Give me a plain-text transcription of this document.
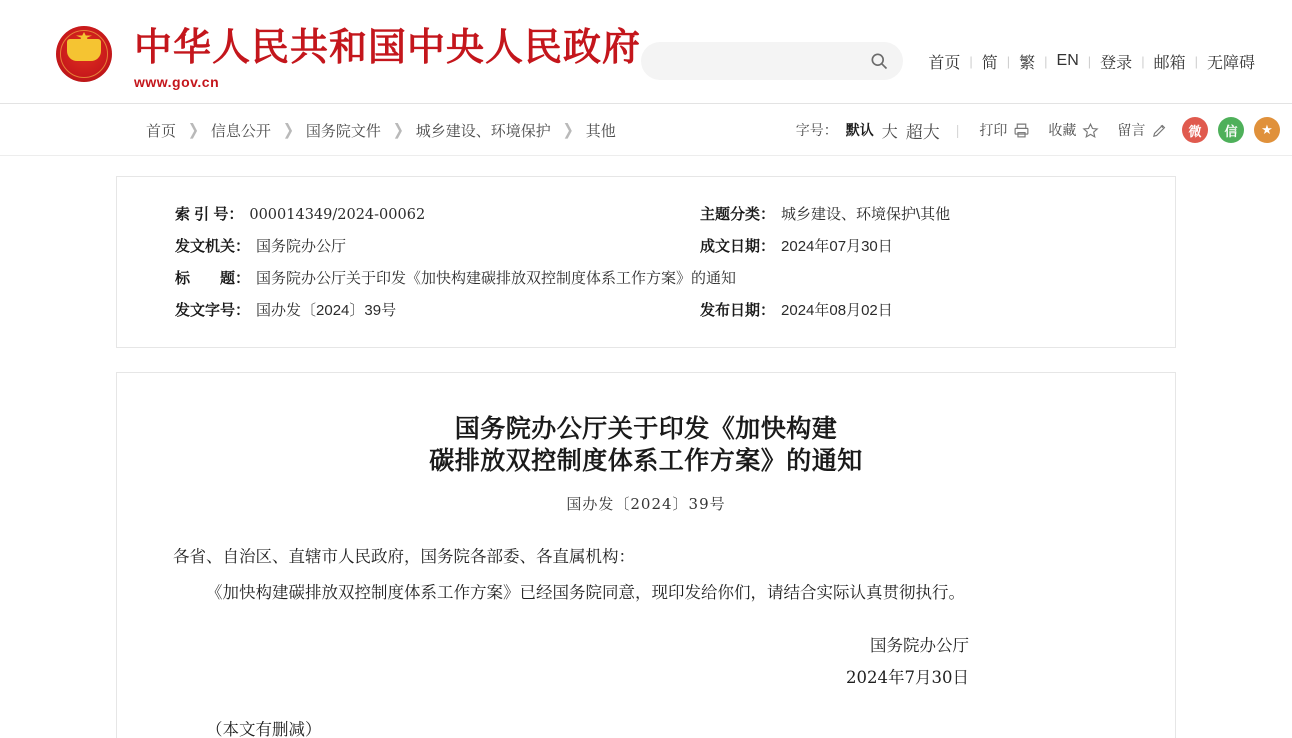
中华人民共和国中央人民政府
www.gov.cn
首页 | 简 | 繁 | EN | 登录 | 邮箱 | 无障碍
首页 ❯ 信息公开 ❯ 国务院文件 ❯ 城乡建设、环境保护 ❯ 其他	字号： 默认 大 超大 | 打印	收藏	留言	微	信	★
索 引 号： 000014349/2024-00062	主题分类： 城乡建设、环境保护\其他
发文机关： 国务院办公厅	成文日期： 2024年07月30日
标　　题： 国务院办公厅关于印发《加快构建碳排放双控制度体系工作方案》的通知
发文字号： 国办发〔2024〕39号	发布日期： 2024年08月02日
国务院办公厅关于印发《加快构建
碳排放双控制度体系工作方案》的通知
国办发〔2024〕39号
各省、自治区、直辖市人民政府，国务院各部委、各直属机构：
《加快构建碳排放双控制度体系工作方案》已经国务院同意，现印发给你们，请结合实际认真贯彻执行。
国务院办公厅
2024年7月30日
（本文有删减）
